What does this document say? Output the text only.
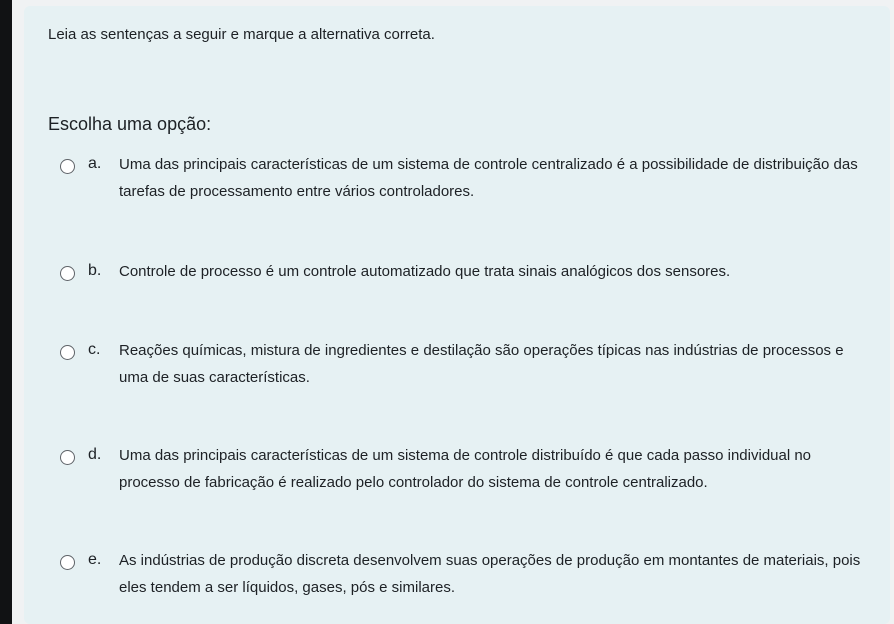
Leia as sentenças a seguir e marque a alternativa correta.
Escolha uma opção:
a. Uma das principais características de um sistema de controle centralizado é a possibilidade de distribuição das tarefas de processamento entre vários controladores.
b. Controle de processo é um controle automatizado que trata sinais analógicos dos sensores.
c. Reações químicas, mistura de ingredientes e destilação são operações típicas nas indústrias de processos e uma de suas características.
d. Uma das principais características de um sistema de controle distribuído é que cada passo individual no processo de fabricação é realizado pelo controlador do sistema de controle centralizado.
e. As indústrias de produção discreta desenvolvem suas operações de produção em montantes de materiais, pois eles tendem a ser líquidos, gases, pós e similares.
